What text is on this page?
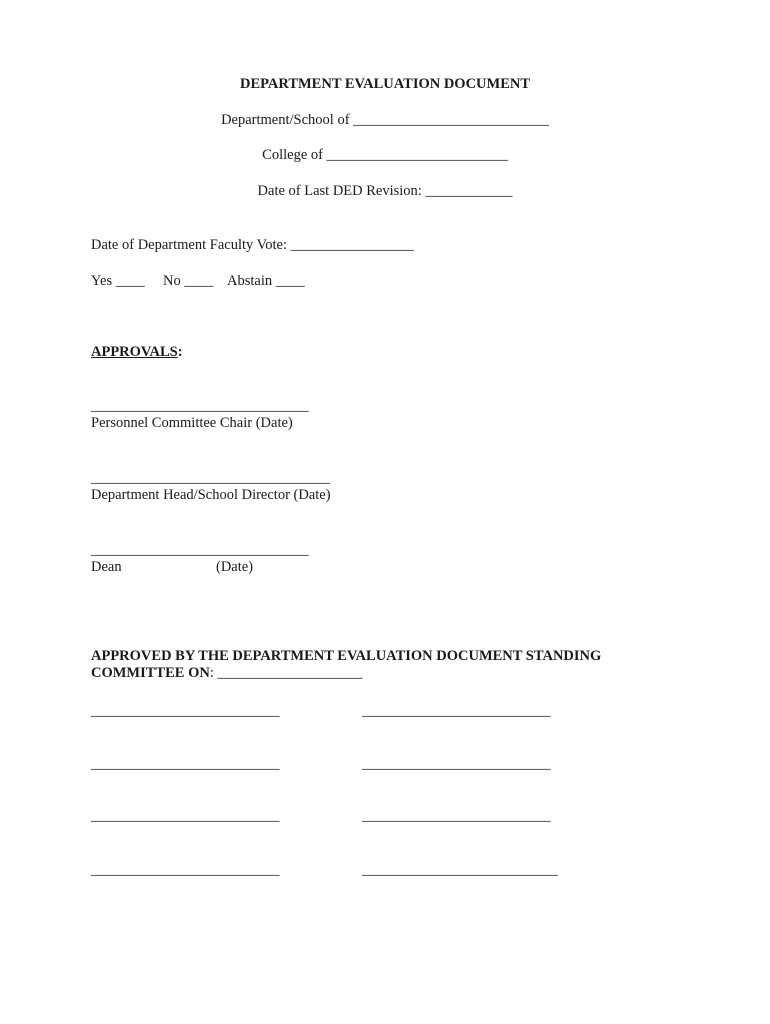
DEPARTMENT EVALUATION DOCUMENT
Department/School of ___________________________
College of _________________________
Date of Last DED Revision: ____________
Date of Department Faculty Vote: _________________
Yes ____ No ____ Abstain ____
APPROVALS:
______________________________
Personnel Committee Chair (Date)
_________________________________
Department Head/School Director (Date)
______________________________
Dean	(Date)
APPROVED BY THE DEPARTMENT EVALUATION DOCUMENT STANDING
COMMITTEE ON: ____________________
__________________________	__________________________
__________________________	__________________________
__________________________	__________________________
__________________________	___________________________
